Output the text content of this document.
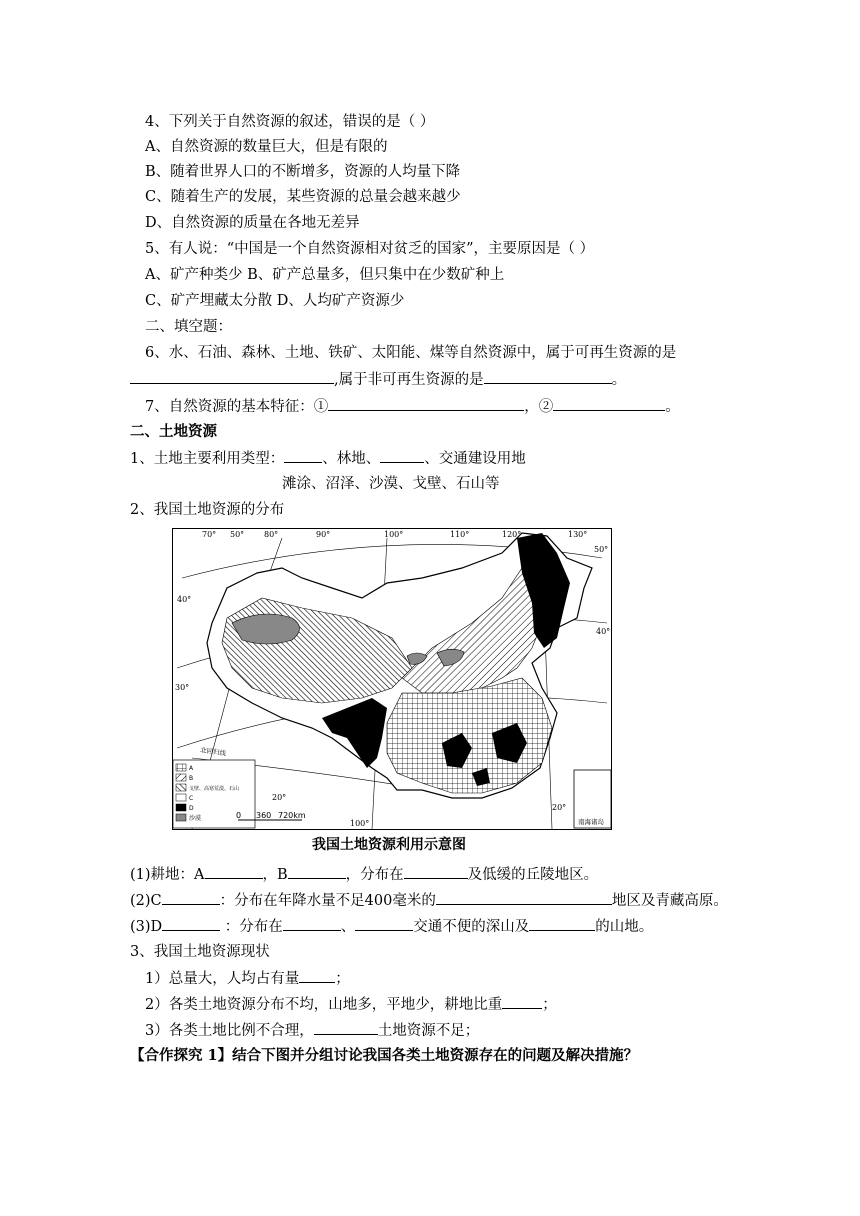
4、下列关于自然资源的叙述，错误的是（ ）
A、自然资源的数量巨大，但是有限的
B、随着世界人口的不断增多，资源的人均量下降
C、随着生产的发展，某些资源的总量会越来越少
D、自然资源的质量在各地无差异
5、有人说：“中国是一个自然资源相对贫乏的国家”，主要原因是（ ）
A、矿产种类少 B、矿产总量多，但只集中在少数矿种上
C、矿产埋藏太分散 D、人均矿产资源少
二、填空题：
6、水、石油、森林、土地、铁矿、太阳能、煤等自然资源中，属于可再生资源的是
,属于非可再生资源的是	。
7、自然资源的基本特征：①	，②	。
二、土地资源
1、土地主要利用类型：	、林地、	、交通建设用地
滩涂、沼泽、沙漠、戈壁、石山等
2、我国土地资源的分布
南海诸岛
A
B
戈壁、高寒荒漠、石山
C
D
沙漠	0 360 720km
北回归线
70° 50° 80°	90°	100°	110°	120°	130°
100°
50°
40°
40°
30°
20°
20°
我国土地资源利用示意图
(1)耕地：A	，B	，分布在	及低缓的丘陵地区。
(2)C	：分布在年降水量不足400毫米的	地区及青藏高原。
(3)D	：分布在	、	交通不便的深山及	的山地。
3、我国土地资源现状
1）总量大，人均占有量 ；
2）各类土地资源分布不均，山地多，平地少，耕地比重	；
3）各类土地比例不合理，	土地资源不足；
【合作探究 1】结合下图并分组讨论我国各类土地资源存在的问题及解决措施？
